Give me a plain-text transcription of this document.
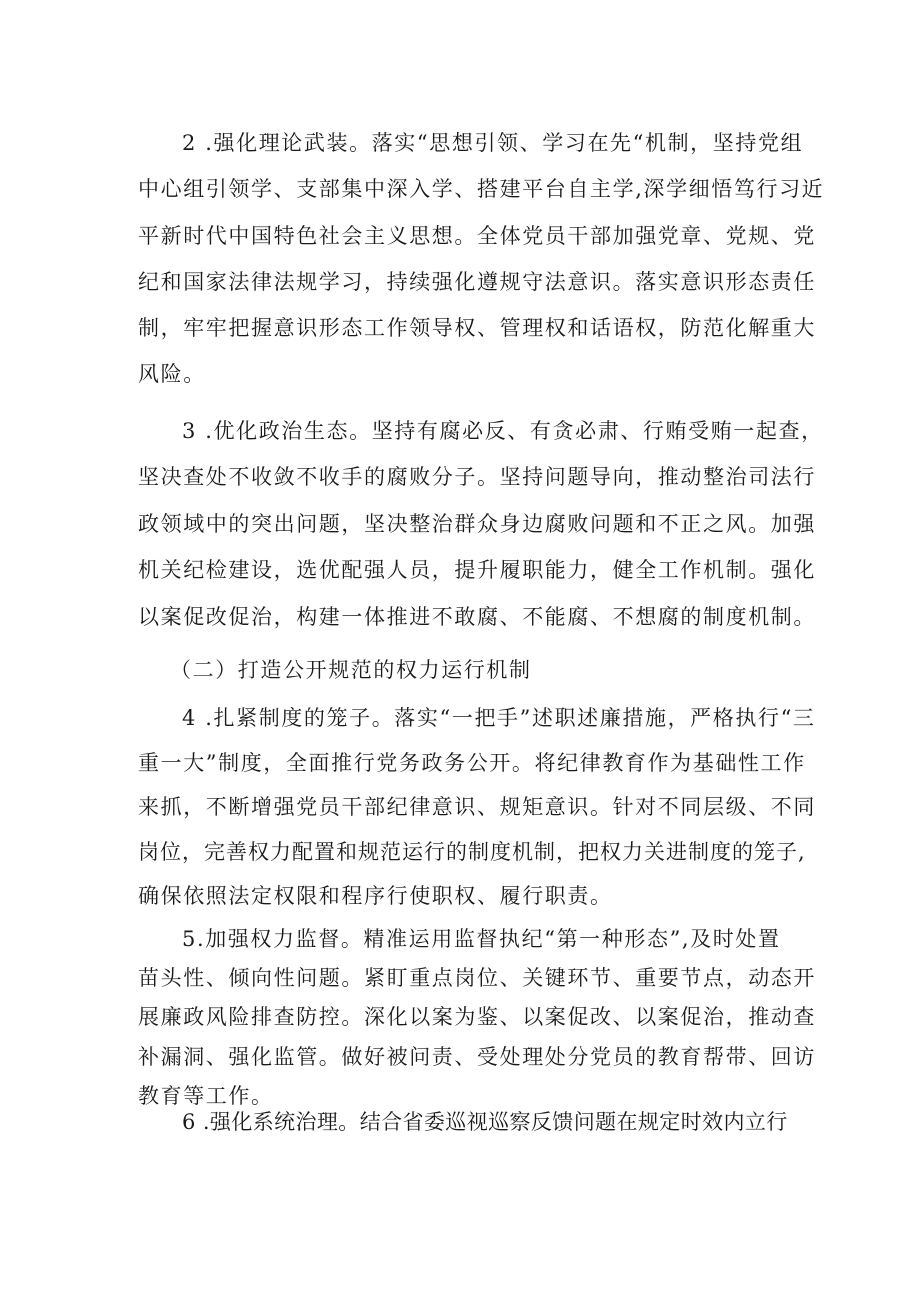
2 .强化理论武装。落实“思想引领、学习在先“机制，坚持党组
中心组引领学、支部集中深入学、搭建平台自主学,深学细悟笃行习近
平新时代中国特色社会主义思想。全体党员干部加强党章、党规、党
纪和国家法律法规学习，持续强化遵规守法意识。落实意识形态责任
制，牢牢把握意识形态工作领导权、管理权和话语权，防范化解重大
风险。
3 .优化政治生态。坚持有腐必反、有贪必肃、行贿受贿一起查，
坚决查处不收敛不收手的腐败分子。坚持问题导向，推动整治司法行
政领域中的突出问题，坚决整治群众身边腐败问题和不正之风。加强
机关纪检建设，选优配强人员，提升履职能力，健全工作机制。强化
以案促改促治，构建一体推进不敢腐、不能腐、不想腐的制度机制。
（二）打造公开规范的权力运行机制
4 .扎紧制度的笼子。落实“一把手”述职述廉措施，严格执行“三
重一大”制度，全面推行党务政务公开。将纪律教育作为基础性工作
来抓，不断增强党员干部纪律意识、规矩意识。针对不同层级、不同
岗位，完善权力配置和规范运行的制度机制，把权力关进制度的笼子,
确保依照法定权限和程序行使职权、履行职责。
5.加强权力监督。精准运用监督执纪“第一种形态”,及时处置
苗头性、倾向性问题。紧盯重点岗位、关键环节、重要节点，动态开
展廉政风险排查防控。深化以案为鉴、以案促改、以案促治，推动查
补漏洞、强化监管。做好被问责、受处理处分党员的教育帮带、回访
教育等工作。
6 .强化系统治理。结合省委巡视巡察反馈问题在规定时效内立行
